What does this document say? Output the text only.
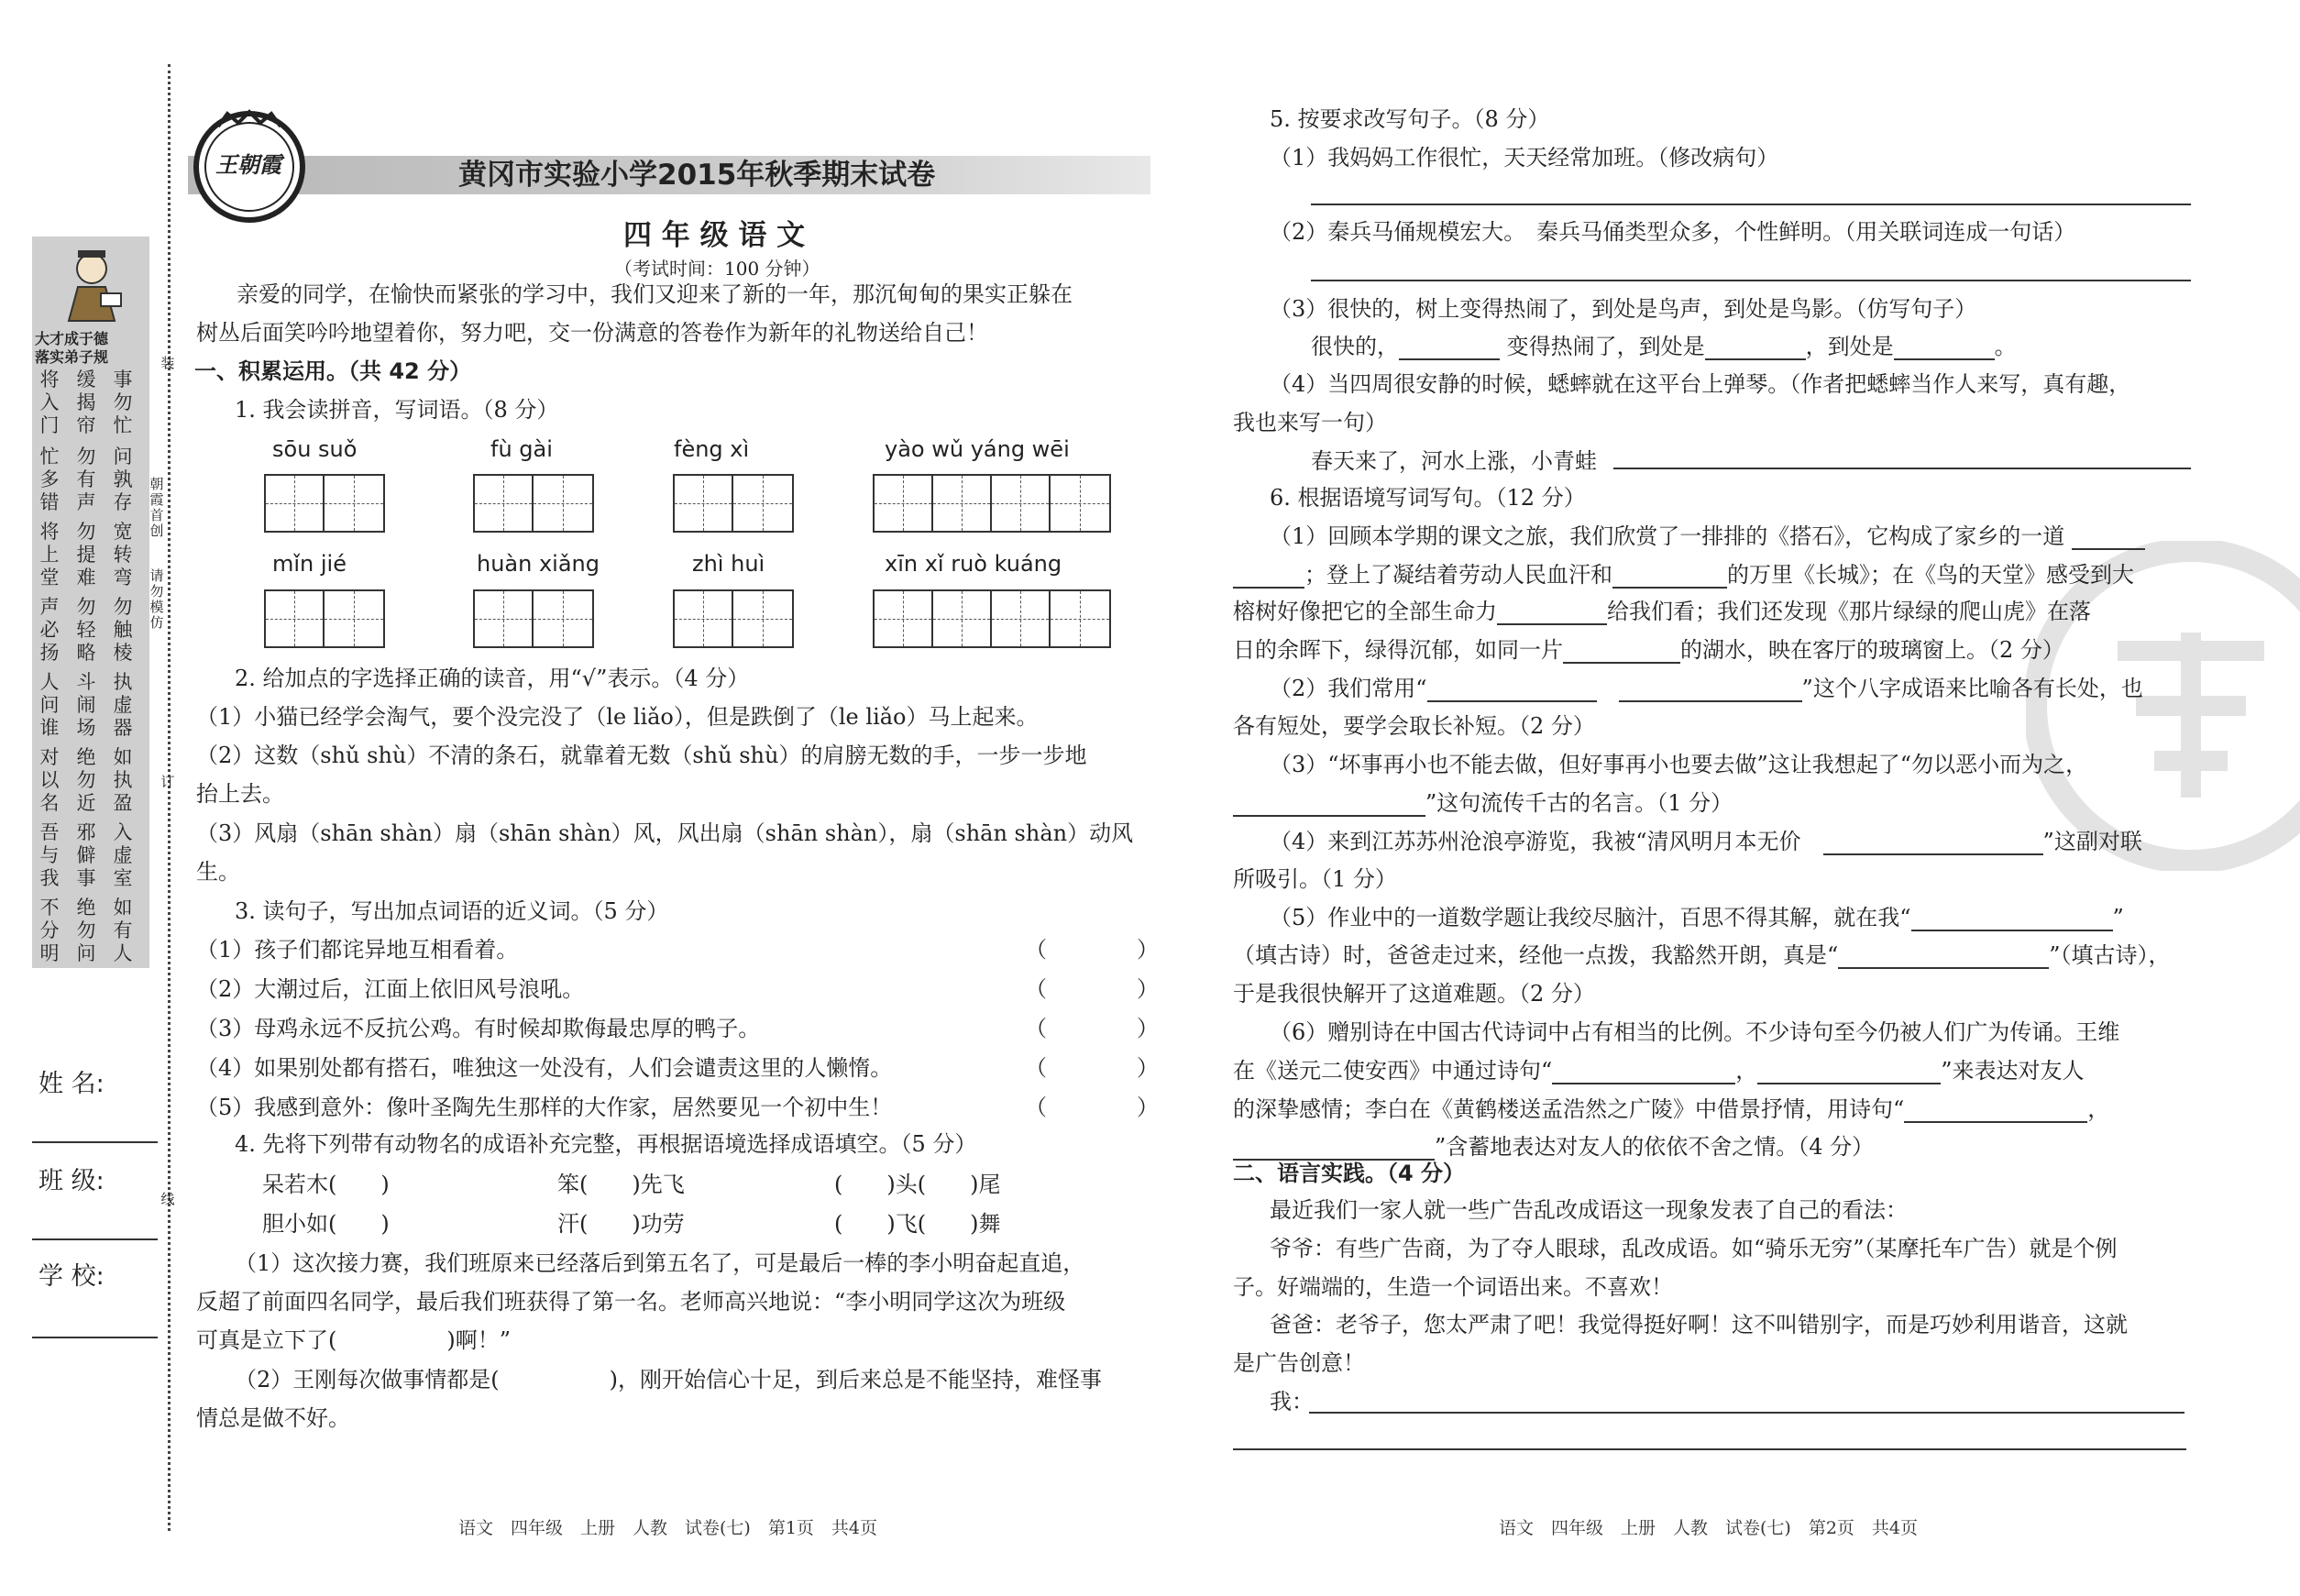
大才成于德
落实弟子规
将入门
缓揭帘
事勿忙
忙多错
勿有声
问孰存
将上堂
勿提难
宽转弯
声必扬
勿轻略
勿触棱
人问谁
斗闹场
执虚器
对以名
绝勿近
如执盈
吾与我
邪僻事
入虚室
不分明
绝勿问
如有人
装
朝霞首创
请勿模仿
订
线
姓 名:
班 级:
学 校:
王朝霞	黄冈市实验小学2015年秋季期末试卷
四 年 级 语 文
（考试时间：100 分钟）
亲爱的同学，在愉快而紧张的学习中，我们又迎来了新的一年，那沉甸甸的果实正躲在
树丛后面笑吟吟地望着你，努力吧，交一份满意的答卷作为新年的礼物送给自己！
一、积累运用。（共 42 分）
1. 我会读拼音，写词语。（8 分）
sōu suǒ	fù gài	fèng xì	yào wǔ yáng wēi
mǐn jié	huàn xiǎng	zhì huì	xīn xǐ ruò kuáng
2. 给加点的字选择正确的读音，用“√”表示。（4 分）
（1）小猫已经学会淘气，要个没完没了（le liǎo），但是跌倒了（le liǎo）马上起来。
（2）这数（shǔ shù）不清的条石，就靠着无数（shǔ shù）的肩膀无数的手，一步一步地
抬上去。
（3）风扇（shān shàn）扇（shān shàn）风，风出扇（shān shàn），扇（shān shàn）动风
生。
3. 读句子，写出加点词语的近义词。（5 分）
（1）孩子们都诧异地互相看着。	（	）
（2）大潮过后，江面上依旧风号浪吼。	（	）
（3）母鸡永远不反抗公鸡。有时候却欺侮最忠厚的鸭子。	（	）
（4）如果别处都有搭石，唯独这一处没有，人们会谴责这里的人懒惰。	（	）
（5）我感到意外：像叶圣陶先生那样的大作家，居然要见一个初中生！	（	）
4. 先将下列带有动物名的成语补充完整，再根据语境选择成语填空。（5 分）
呆若木(　　)	笨(　　)先飞	(　　)头(　　)尾
胆小如(　　)	汗(　　)功劳	(　　)飞(　　)舞
（1）这次接力赛，我们班原来已经落后到第五名了，可是最后一棒的李小明奋起直追，
反超了前面四名同学，最后我们班获得了第一名。老师高兴地说：“李小明同学这次为班级
可真是立下了(　　　　　)啊！”
（2）王刚每次做事情都是(　　　　　)，刚开始信心十足，到后来总是不能坚持，难怪事
情总是做不好。
语文　四年级　上册　人教　试卷(七)　第1页　共4页
5. 按要求改写句子。（8 分）
（1）我妈妈工作很忙，天天经常加班。（修改病句）
（2）秦兵马俑规模宏大。　秦兵马俑类型众多，个性鲜明。（用关联词连成一句话）
（3）很快的，树上变得热闹了，到处是鸟声，到处是鸟影。（仿写句子）
很快的，	变得热闹了，到处是	，到处是	。
（4）当四周很安静的时候，蟋蟀就在这平台上弹琴。（作者把蟋蟀当作人来写，真有趣，
我也来写一句）
春天来了，河水上涨，小青蛙
6. 根据语境写词写句。（12 分）
（1）回顾本学期的课文之旅，我们欣赏了一排排的《搭石》，它构成了家乡的一道
；登上了凝结着劳动人民血汗和	的万里《长城》；在《鸟的天堂》感受到大
榕树好像把它的全部生命力	给我们看；我们还发现《那片绿绿的爬山虎》在落
日的余晖下，绿得沉郁，如同一片	的湖水，映在客厅的玻璃窗上。（2 分）
（2）我们常用“　	”这个八字成语来比喻各有长处，也
各有短处，要学会取长补短。（2 分）
（3）“坏事再小也不能去做，但好事再小也要去做”这让我想起了“勿以恶小而为之，
”这句流传千古的名言。（1 分）
（4）来到江苏苏州沧浪亭游览，我被“清风明月本无价　	”这副对联
所吸引。（1 分）
（5）作业中的一道数学题让我绞尽脑汁，百思不得其解，就在我“	”
（填古诗）时，爸爸走过来，经他一点拨，我豁然开朗，真是“	”（填古诗），
于是我很快解开了这道难题。（2 分）
（6）赠别诗在中国古代诗词中占有相当的比例。不少诗句至今仍被人们广为传诵。王维
在《送元二使安西》中通过诗句“	，	”来表达对友人
的深挚感情；李白在《黄鹤楼送孟浩然之广陵》中借景抒情，用诗句“	，
”含蓄地表达对友人的依依不舍之情。（4 分）
二、语言实践。（4 分）
最近我们一家人就一些广告乱改成语这一现象发表了自己的看法：
爷爷：有些广告商，为了夺人眼球，乱改成语。如“骑乐无穷”（某摩托车广告）就是个例
子。好端端的，生造一个词语出来。不喜欢！
爸爸：老爷子，您太严肃了吧！我觉得挺好啊！这不叫错别字，而是巧妙利用谐音，这就
是广告创意！
我：
语文　四年级　上册　人教　试卷(七)　第2页　共4页
